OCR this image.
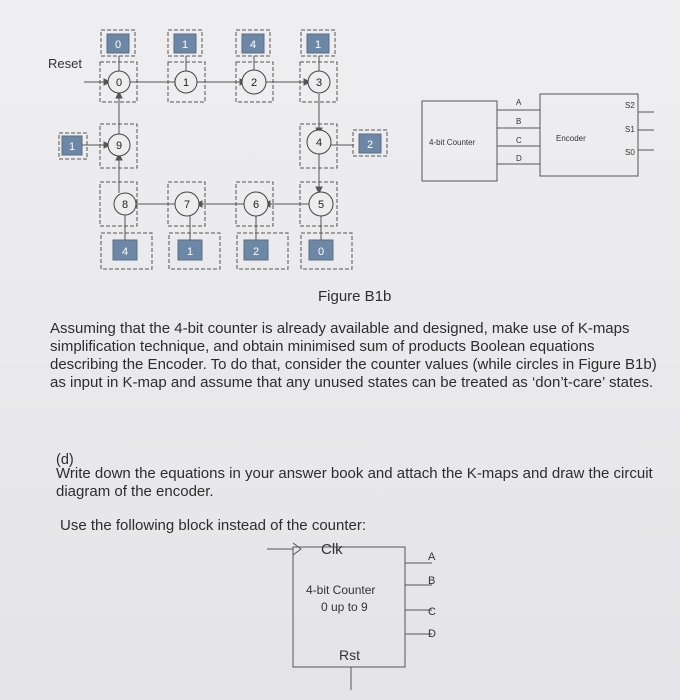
0	1	4	1
2
1
4	1	2	0
0	1	2	3
4
5
6
7
8
9
Reset
4-bit Counter	Encoder
A
B
C
D
S2
S1
S0
Clk
4-bit Counter
0 up to 9
Rst
A
B
C
D
Figure B1b
Assuming that the 4-bit counter is already available and designed, make use of K-maps simplification technique, and obtain minimised sum of products Boolean equations describing the Encoder. To do that, consider the counter values (while circles in Figure B1b) as input in K-map and assume that any unused states can be treated as ‘don’t-care’ states.
(d)
Write down the equations in your answer book and attach the K-maps and draw the circuit diagram of the encoder.
Use the following block instead of the counter:
